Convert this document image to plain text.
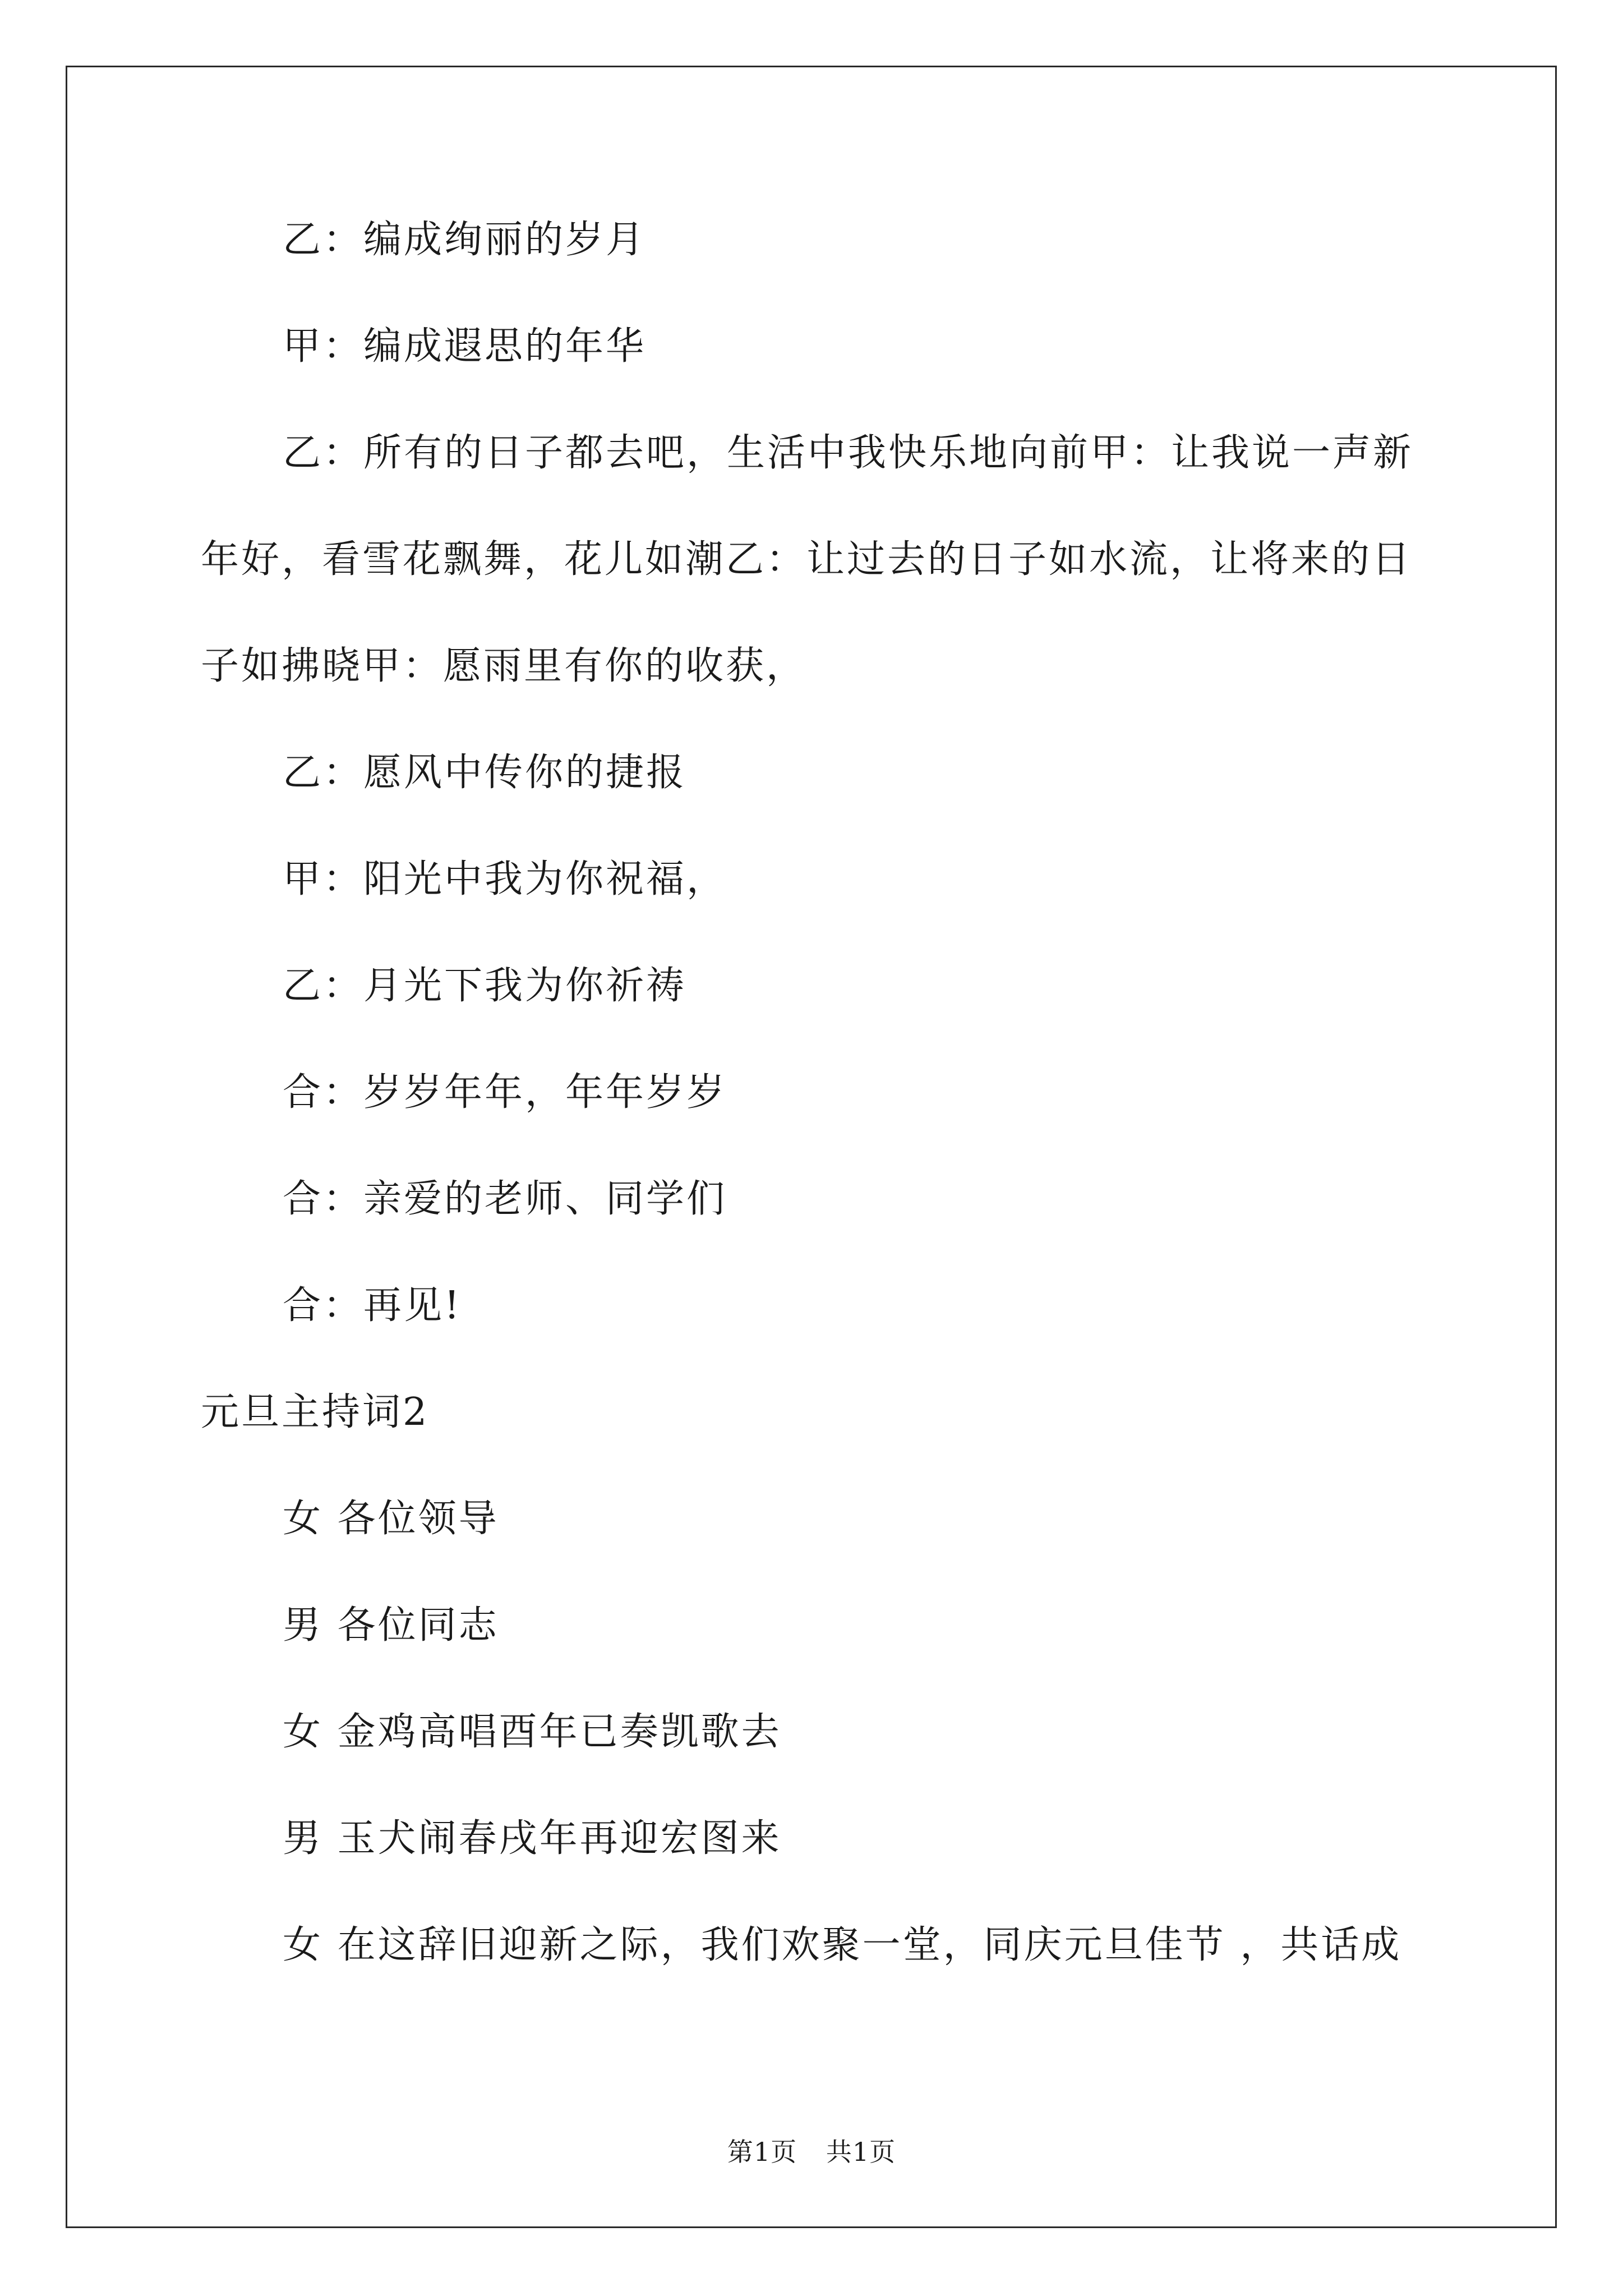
乙：编成绚丽的岁月

甲：编成遐思的年华

乙：所有的日子都去吧，生活中我快乐地向前甲：让我说一声新

年好，看雪花飘舞，花儿如潮乙：让过去的日子如水流，让将来的日

子如拂晓甲：愿雨里有你的收获，

乙：愿风中传你的捷报

甲：阳光中我为你祝福，

乙：月光下我为你祈祷

合：岁岁年年，年年岁岁

合：亲爱的老师、同学们

合：再见!

元旦主持词2

女 各位领导

男 各位同志

女 金鸡高唱酉年已奏凯歌去

男 玉犬闹春戌年再迎宏图来

女 在这辞旧迎新之际，我们欢聚一堂，同庆元旦佳节 ，共话成

第1页 共1页
